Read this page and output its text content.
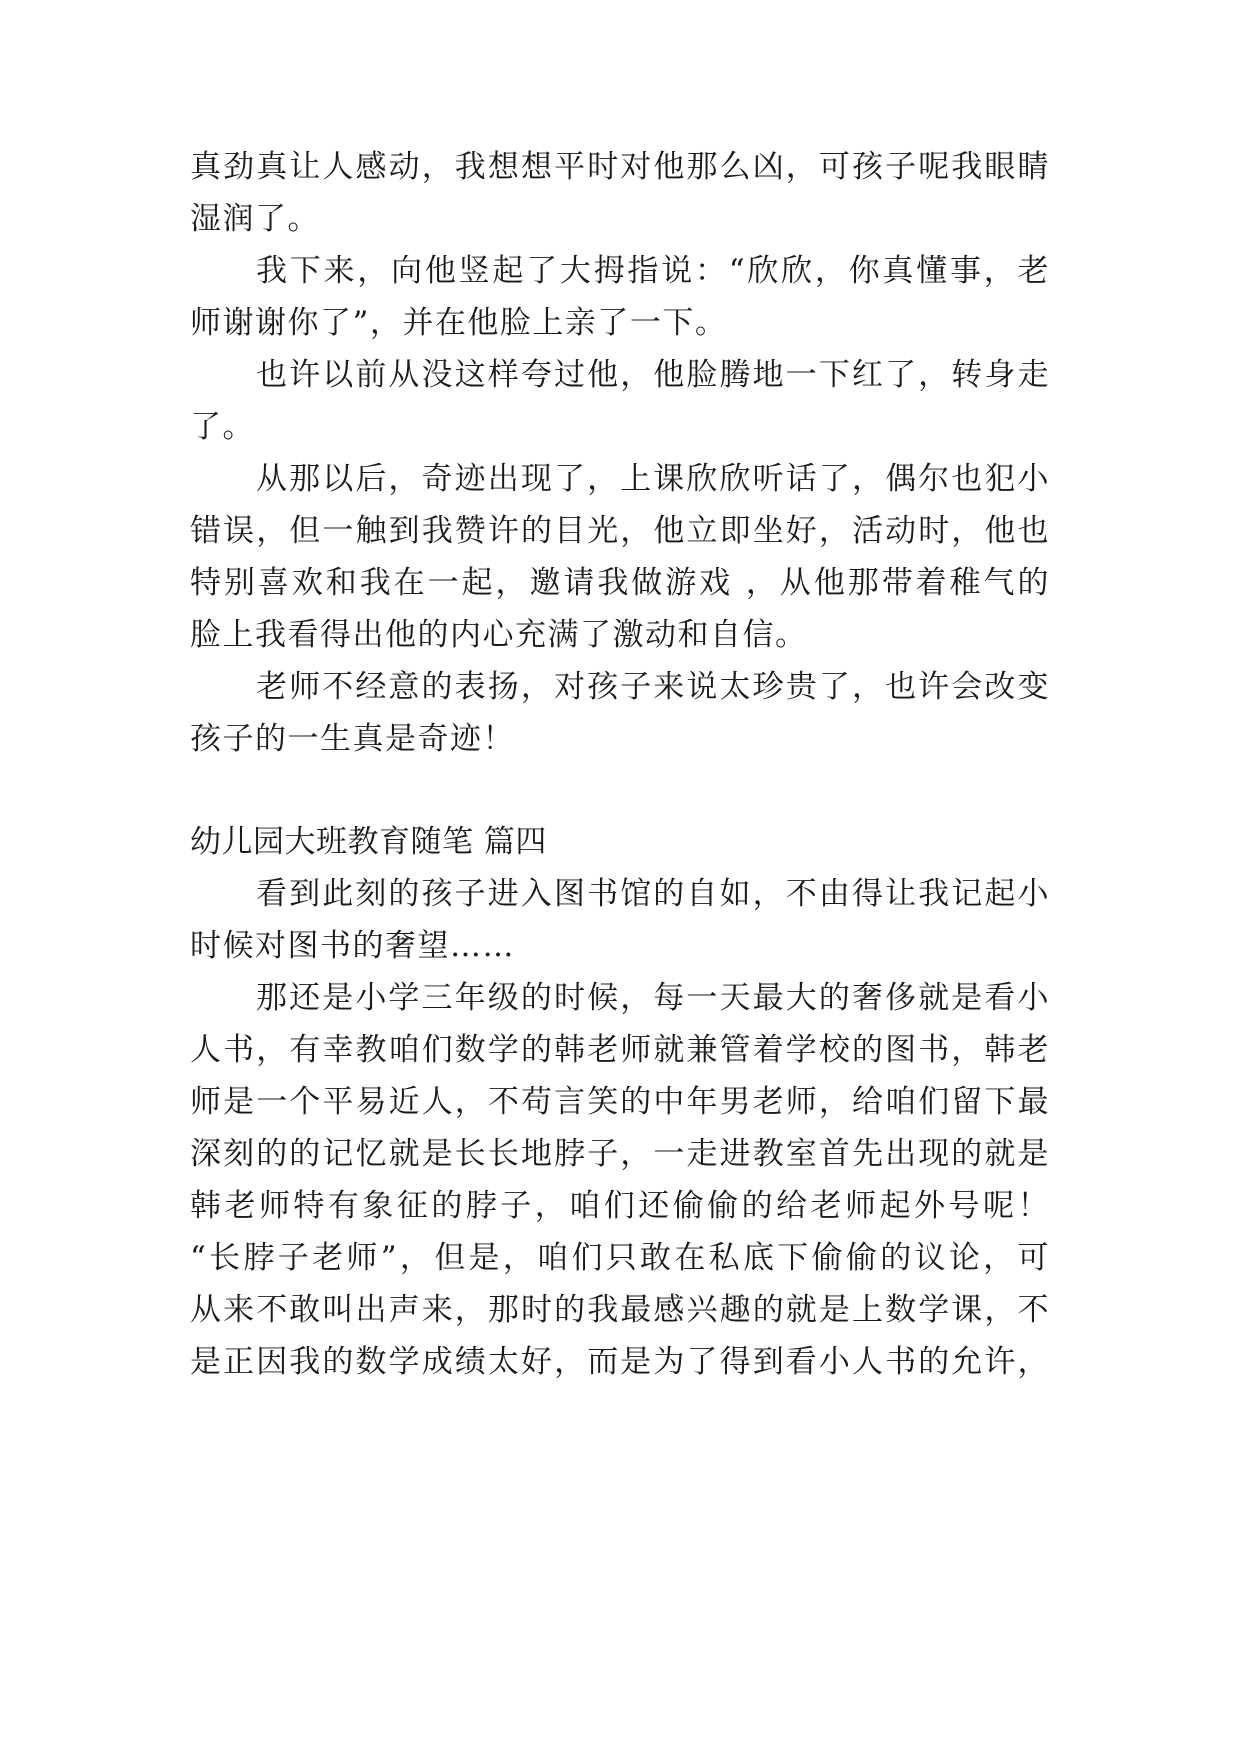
真劲真让人感动，我想想平时对他那么凶，可孩子呢我眼睛

湿润了。

我下来，向他竖起了大拇指说：“欣欣，你真懂事，老

师谢谢你了”，并在他脸上亲了一下。

也许以前从没这样夸过他，他脸腾地一下红了，转身走

了。

从那以后，奇迹出现了，上课欣欣听话了，偶尔也犯小

错误，但一触到我赞许的目光，他立即坐好，活动时，他也

特别喜欢和我在一起，邀请我做游戏 ，从他那带着稚气的

脸上我看得出他的内心充满了激动和自信。

老师不经意的表扬，对孩子来说太珍贵了，也许会改变

孩子的一生真是奇迹！

幼儿园大班教育随笔 篇四

看到此刻的孩子进入图书馆的自如，不由得让我记起小

时候对图书的奢望……

那还是小学三年级的时候，每一天最大的奢侈就是看小

人书，有幸教咱们数学的韩老师就兼管着学校的图书，韩老

师是一个平易近人，不苟言笑的中年男老师，给咱们留下最

深刻的的记忆就是长长地脖子，一走进教室首先出现的就是

韩老师特有象征的脖子，咱们还偷偷的给老师起外号呢！

“长脖子老师”，但是，咱们只敢在私底下偷偷的议论，可

从来不敢叫出声来，那时的我最感兴趣的就是上数学课，不

是正因我的数学成绩太好，而是为了得到看小人书的允许，
